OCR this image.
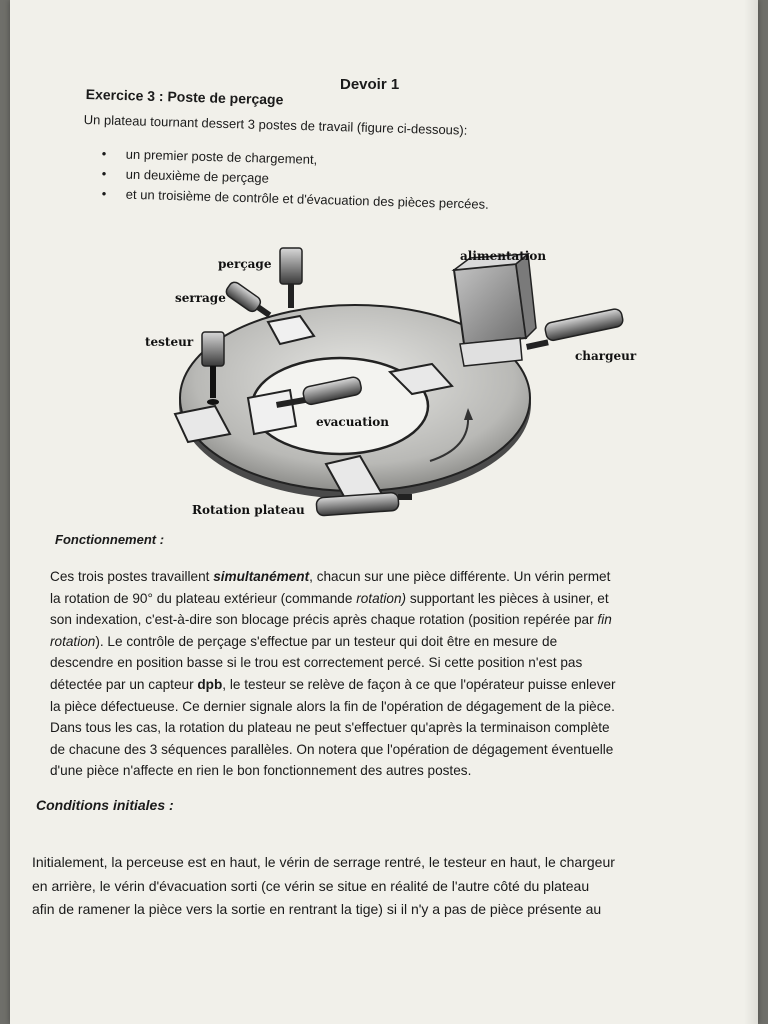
Devoir 1
Exercice 3 : Poste de perçage
Un plateau tournant dessert 3 postes de travail (figure ci-dessous):
• un premier poste de chargement,
• un deuxième de perçage
• et un troisième de contrôle et d'évacuation des pièces percées.
perçage
serrage
testeur
alimentation
chargeur
evacuation
Rotation plateau
Fonctionnement :
Ces trois postes travaillent simultanément, chacun sur une pièce différente. Un vérin permet
la rotation de 90° du plateau extérieur (commande rotation) supportant les pièces à usiner, et
son indexation, c'est-à-dire son blocage précis après chaque rotation (position repérée par fin
rotation). Le contrôle de perçage s'effectue par un testeur qui doit être en mesure de
descendre en position basse si le trou est correctement percé. Si cette position n'est pas
détectée par un capteur dpb, le testeur se relève de façon à ce que l'opérateur puisse enlever
la pièce défectueuse. Ce dernier signale alors la fin de l'opération de dégagement de la pièce.
Dans tous les cas, la rotation du plateau ne peut s'effectuer qu'après la terminaison complète
de chacune des 3 séquences parallèles. On notera que l'opération de dégagement éventuelle
d'une pièce n'affecte en rien le bon fonctionnement des autres postes.
Conditions initiales :
Initialement, la perceuse est en haut, le vérin de serrage rentré, le testeur en haut, le chargeur
en arrière, le vérin d'évacuation sorti (ce vérin se situe en réalité de l'autre côté du plateau
afin de ramener la pièce vers la sortie en rentrant la tige) si il n'y a pas de pièce présente au
